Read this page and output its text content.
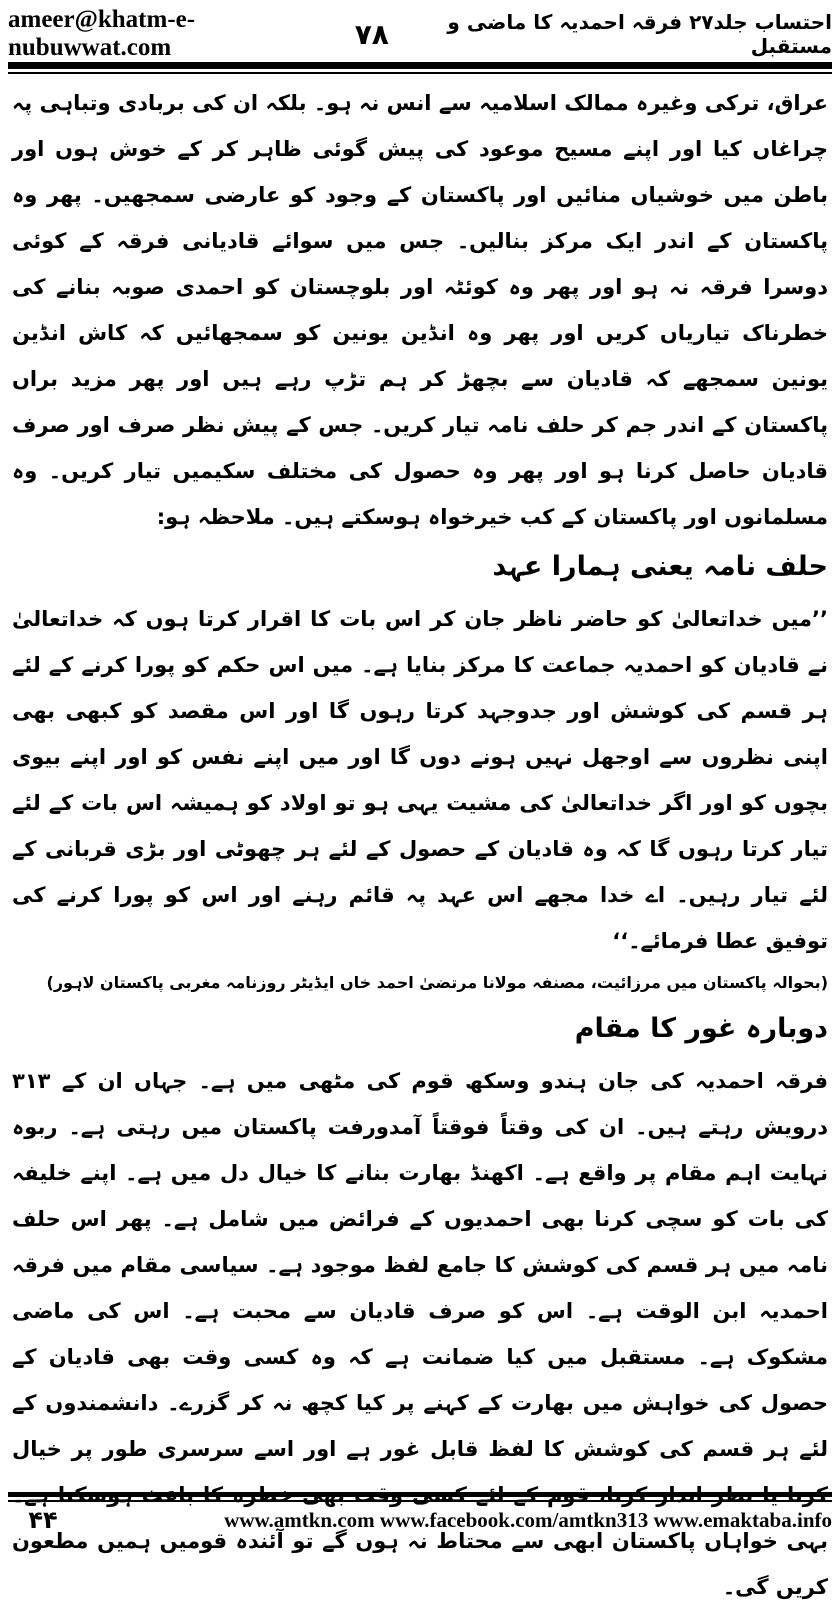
ameer@khatm-e-nubuwwat.com	۷۸	احتساب جلد۲۷ فرقہ احمدیہ کا ماضی و مستقبل

عراق، ترکی وغیرہ ممالک اسلامیہ سے انس نہ ہو۔ بلکہ ان کی بربادی وتباہی پہ چراغاں کیا اور اپنے مسیح موعود کی پیش گوئی ظاہر کر کے خوش ہوں اور باطن میں خوشیاں منائیں اور پاکستان کے وجود کو عارضی سمجھیں۔ پھر وہ پاکستان کے اندر ایک مرکز بنالیں۔ جس میں سوائے قادیانی فرقہ کے کوئی دوسرا فرقہ نہ ہو اور پھر وہ کوئٹہ اور بلوچستان کو احمدی صوبہ بنانے کی خطرناک تیاریاں کریں اور پھر وہ انڈین یونین کو سمجھائیں کہ کاش انڈین یونین سمجھے کہ قادیان سے بچھڑ کر ہم تڑپ رہے ہیں اور پھر مزید براں پاکستان کے اندر جم کر حلف نامہ تیار کریں۔ جس کے پیش نظر صرف اور صرف قادیان حاصل کرنا ہو اور پھر وہ حصول کی مختلف سکیمیں تیار کریں۔ وہ مسلمانوں اور پاکستان کے کب خیرخواہ ہوسکتے ہیں۔ ملاحظہ ہو:

حلف نامہ یعنی ہمارا عہد

’’میں خداتعالیٰ کو حاضر ناظر جان کر اس بات کا اقرار کرتا ہوں کہ خداتعالیٰ نے قادیان کو احمدیہ جماعت کا مرکز بنایا ہے۔ میں اس حکم کو پورا کرنے کے لئے ہر قسم کی کوشش اور جدوجہد کرتا رہوں گا اور اس مقصد کو کبھی بھی اپنی نظروں سے اوجھل نہیں ہونے دوں گا اور میں اپنے نفس کو اور اپنے بیوی بچوں کو اور اگر خداتعالیٰ کی مشیت یہی ہو تو اولاد کو ہمیشہ اس بات کے لئے تیار کرتا رہوں گا کہ وہ قادیان کے حصول کے لئے ہر چھوٹی اور بڑی قربانی کے لئے تیار رہیں۔ اے خدا مجھے اس عہد پہ قائم رہنے اور اس کو پورا کرنے کی توفیق عطا فرمائے۔‘‘

(بحوالہ پاکستان میں مرزائیت، مصنفہ مولانا مرتضیٰ احمد خاں ایڈیٹر روزنامہ مغربی پاکستان لاہور)
دوبارہ غور کا مقام

فرقہ احمدیہ کی جان ہندو وسکھ قوم کی مٹھی میں ہے۔ جہاں ان کے ۳۱۳ درویش رہتے ہیں۔ ان کی وقتاً فوقتاً آمدورفت پاکستان میں رہتی ہے۔ ربوہ نہایت اہم مقام پر واقع ہے۔ اکھنڈ بھارت بنانے کا خیال دل میں ہے۔ اپنے خلیفہ کی بات کو سچی کرنا بھی احمدیوں کے فرائض میں شامل ہے۔ پھر اس حلف نامہ میں ہر قسم کی کوشش کا جامع لفظ موجود ہے۔ سیاسی مقام میں فرقہ احمدیہ ابن الوقت ہے۔ اس کو صرف قادیان سے محبت ہے۔ اس کی ماضی مشکوک ہے۔ مستقبل میں کیا ضمانت ہے کہ وہ کسی وقت بھی قادیان کے حصول کی خواہش میں بھارت کے کہنے پر کیا کچھ نہ کر گزرے۔ دانشمندوں کے لئے ہر قسم کی کوشش کا لفظ قابل غور ہے اور اسے سرسری طور پر خیال بہی خواہاں پاکستان ابھی سے محتاط نہ ہوں گے تو آئندہ قومیں ہمیں مطعون کریں گی۔

۴۴	www.amtkn.com www.facebook.com/amtkn313 www.emaktaba.info
